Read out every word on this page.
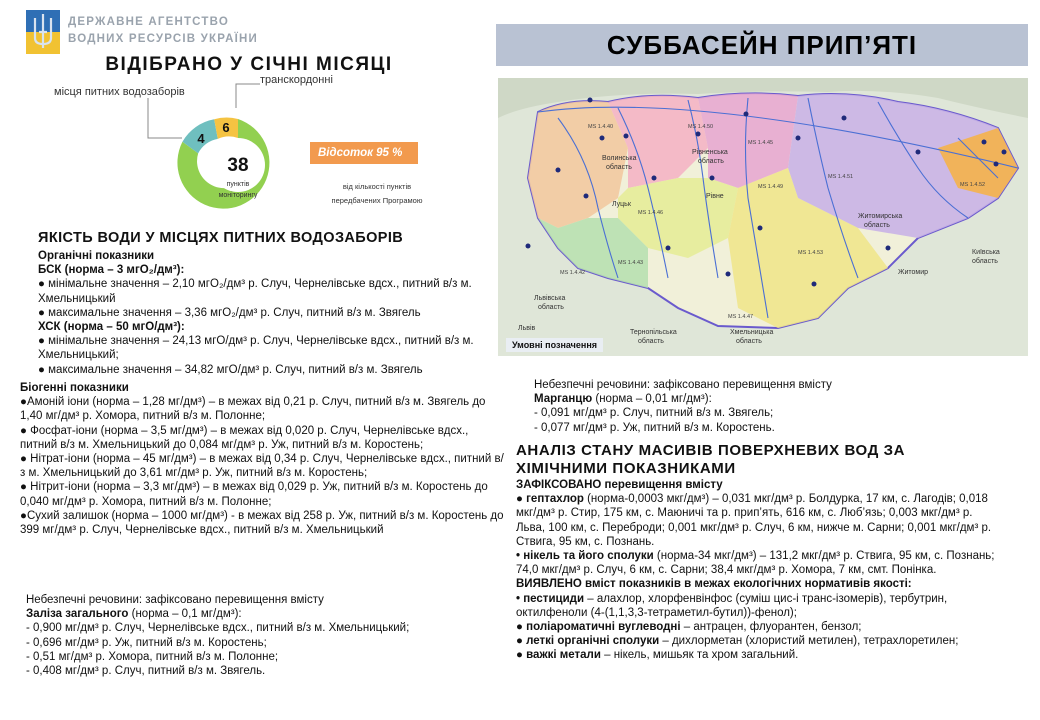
ДЕРЖАВНЕ АГЕНТСТВО
ВОДНИХ РЕСУРСІВ УКРАЇНИ	СУББАСЕЙН ПРИП’ЯТІ
ВІДІБРАНО У СІЧНІ МІСЯЦІ
38
пунктів
моніторингу
4
6
місця питних водозаборів
транскордонні
Відсоток 95 %
від кількості пунктів
передбачених Програмою
Волинська
область
Рівненська
область
Житомирська
область
Київська
область
Житомир
Луцьк
Рівне
Львівська
область
Львів
Тернопільська
область
Хмельницька
область
MS 1.4.40	MS 1.4.50
MS 1.4.45
MS 1.4.46
MS 1.4.49
MS 1.4.51
MS 1.4.52
MS 1.4.42
MS 1.4.43
MS 1.4.47
MS 1.4.53
Умовні позначення
ЯКІСТЬ ВОДИ У МІСЦЯХ ПИТНИХ ВОДОЗАБОРІВ

Органічні показники

БСК (норма – 3 мгО₂/дм³):

● мінімальне значення – 2,10 мгО₂/дм³ р. Случ, Чернелівське вдсх., питний в/з м. Хмельницький

● максимальне значення – 3,36 мгО₂/дм³ р. Случ, питний в/з м. Звягель

ХСК (норма – 50 мгО/дм³):

● мінімальне значення – 24,13 мгО/дм³ р. Случ, Чернелівське вдсх., питний в/з м. Хмельницький;

● максимальне значення – 34,82 мгО/дм³ р. Случ, питний в/з м. Звягель

Біогенні показники

●Амоній іони (норма – 1,28 мг/дм³) – в межах від 0,21 р. Случ, питний в/з м. Звягель до 1,40 мг/дм³ р. Хомора, питний в/з м. Полонне;

● Фосфат-іони (норма – 3,5 мг/дм³) – в межах від 0,020 р. Случ, Чернелівське вдсх., питний в/з м. Хмельницький до 0,084 мг/дм³ р. Уж, питний в/з м. Коростень;

● Нітрат-іони (норма – 45 мг/дм³) – в межах від 0,34 р. Случ, Чернелівське вдсх., питний в/з м. Хмельницький до 3,61 мг/дм³ р. Уж, питний в/з м. Коростень;

● Нітрит-іони (норма – 3,3 мг/дм³) – в межах від 0,029 р. Уж, питний в/з м. Коростень до 0,040 мг/дм³ р. Хомора, питний в/з м. Полонне;

●Сухий залишок (норма – 1000 мг/дм³) - в межах від 258 р. Уж, питний в/з м. Коростень до 399 мг/дм³ р. Случ, Чернелівське вдсх., питний в/з м. Хмельницький

Небезпечні речовини: зафіксовано перевищення вмісту

Заліза загального (норма – 0,1 мг/дм³):

- 0,900 мг/дм³ р. Случ, Чернелівське вдсх., питний в/з м. Хмельницький;

- 0,696 мг/дм³ р. Уж, питний в/з м. Коростень;

- 0,51 мг/дм³ р. Хомора, питний в/з м. Полонне;

- 0,408 мг/дм³ р. Случ, питний в/з м. Звягель.

Небезпечні речовини: зафіксовано перевищення вмісту

Марганцю (норма – 0,01 мг/дм³):

- 0,091 мг/дм³ р. Случ, питний в/з м. Звягель;

- 0,077 мг/дм³ р. Уж, питний в/з м. Коростень.

АНАЛІЗ СТАНУ МАСИВІВ ПОВЕРХНЕВИХ ВОД ЗА ХІМІЧНИМИ ПОКАЗНИКАМИ

ЗАФІКСОВАНО перевищення вмісту

● гептахлор (норма-0,0003 мкг/дм³) – 0,031 мкг/дм³ р. Болдурка, 17 км, с. Лагодів; 0,018 мкг/дм³ р. Стир, 175 км, с. Маюничі та р. прип’ять, 616 км, с. Люб’язь; 0,003 мкг/дм³ р. Льва, 100 км, с. Переброди; 0,001 мкг/дм³ р. Случ, 6 км, нижче м. Сарни; 0,001 мкг/дм³ р. Ствига, 95 км, с. Познань.

• нікель та його сполуки (норма-34 мкг/дм³) – 131,2 мкг/дм³ р. Ствига, 95 км, с. Познань; 74,0 мкг/дм³ р. Случ, 6 км, с. Сарни; 38,4 мкг/дм³ р. Хомора, 7 км, смт. Понінка.

ВИЯВЛЕНО вміст показників в межах екологічних нормативів якості:

• пестициди – алахлор, хлорфенвінфос (суміш цис-і транс-ізомерів), тербутрин, октилфеноли (4-(1,1,3,3-тетраметил-бутил))-фенол);

● поліароматичні вуглеводні – антрацен, флуорантен, бензол;

● леткі органічні сполуки – дихлорметан (хлористий метилен), тетрахлоретилен;

● важкі метали – нікель, мишьяк та хром загальний.
